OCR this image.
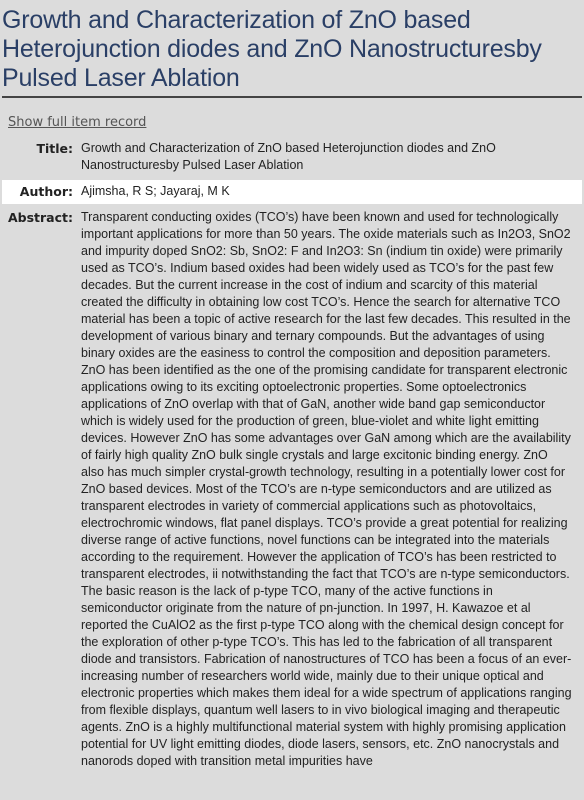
Growth and Characterization of ZnO based Heterojunction diodes and ZnO Nanostructuresby Pulsed Laser Ablation
Show full item record
Title:	Growth and Characterization of ZnO based Heterojunction diodes and ZnO Nanostructuresby Pulsed Laser Ablation
Author:	Ajimsha, R S; Jayaraj, M K
Abstract:	Transparent conducting oxides (TCO’s) have been known and used for technologically important applications for more than 50 years. The oxide materials such as In2O3, SnO2 and impurity doped SnO2: Sb, SnO2: F and In2O3: Sn (indium tin oxide) were primarily used as TCO’s. Indium based oxides had been widely used as TCO’s for the past few decades. But the current increase in the cost of indium and scarcity of this material created the difficulty in obtaining low cost TCO’s. Hence the search for alternative TCO material has been a topic of active research for the last few decades. This resulted in the development of various binary and ternary compounds. But the advantages of using binary oxides are the easiness to control the composition and deposition parameters. ZnO has been identified as the one of the promising candidate for transparent electronic applications owing to its exciting optoelectronic properties. Some optoelectronics applications of ZnO overlap with that of GaN, another wide band gap semiconductor which is widely used for the production of green, blue-violet and white light emitting devices. However ZnO has some advantages over GaN among which are the availability of fairly high quality ZnO bulk single crystals and large excitonic binding energy. ZnO also has much simpler crystal-growth technology, resulting in a potentially lower cost for ZnO based devices. Most of the TCO’s are n-type semiconductors and are utilized as transparent electrodes in variety of commercial applications such as photovoltaics, electrochromic windows, flat panel displays. TCO’s provide a great potential for realizing diverse range of active functions, novel functions can be integrated into the materials according to the requirement. However the application of TCO’s has been restricted to transparent electrodes, ii notwithstanding the fact that TCO’s are n-type semiconductors. The basic reason is the lack of p-type TCO, many of the active functions in semiconductor originate from the nature of pn-junction. In 1997, H. Kawazoe et al reported the CuAlO2 as the first p-type TCO along with the chemical design concept for the exploration of other p-type TCO’s. This has led to the fabrication of all transparent diode and transistors. Fabrication of nanostructures of TCO has been a focus of an ever-increasing number of researchers world wide, mainly due to their unique optical and electronic properties which makes them ideal for a wide spectrum of applications ranging from flexible displays, quantum well lasers to in vivo biological imaging and therapeutic agents. ZnO is a highly multifunctional material system with highly promising application potential for UV light emitting diodes, diode lasers, sensors, etc. ZnO nanocrystals and nanorods doped with transition metal impurities have
